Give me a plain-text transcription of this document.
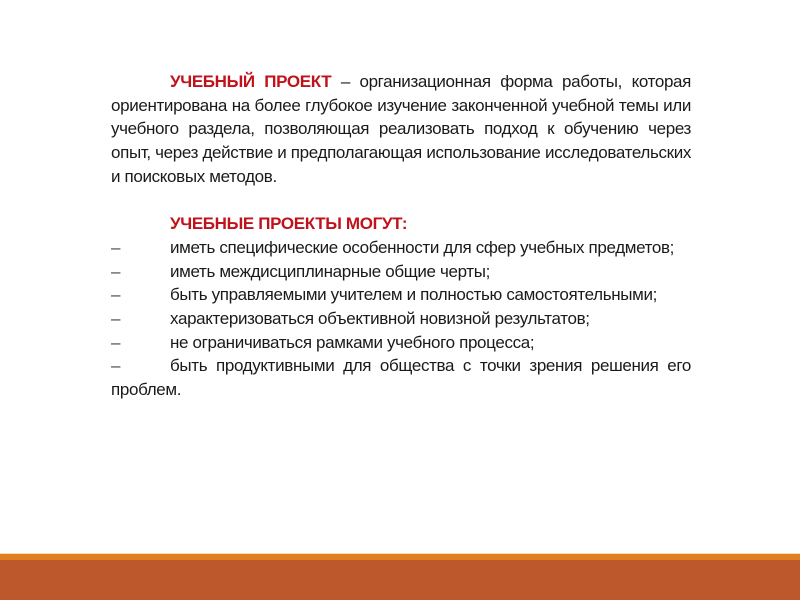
УЧЕБНЫЙ ПРОЕКТ – организационная форма работы, которая ориентирована на более глубокое изучение законченной учебной темы или учебного раздела, позволяющая реализовать подход к обучению через опыт, через действие и предполагающая использование исследовательских и поисковых методов.

УЧЕБНЫЕ ПРОЕКТЫ МОГУТ:

–	иметь специфические особенности для сфер учебных предметов;

–	иметь междисциплинарные общие черты;

–	быть управляемыми учителем и полностью самостоятельными;

–	характеризоваться объективной новизной результатов;

–	не ограничиваться рамками учебного процесса;

–	быть продуктивными для общества с точки зрения решения его проблем.
